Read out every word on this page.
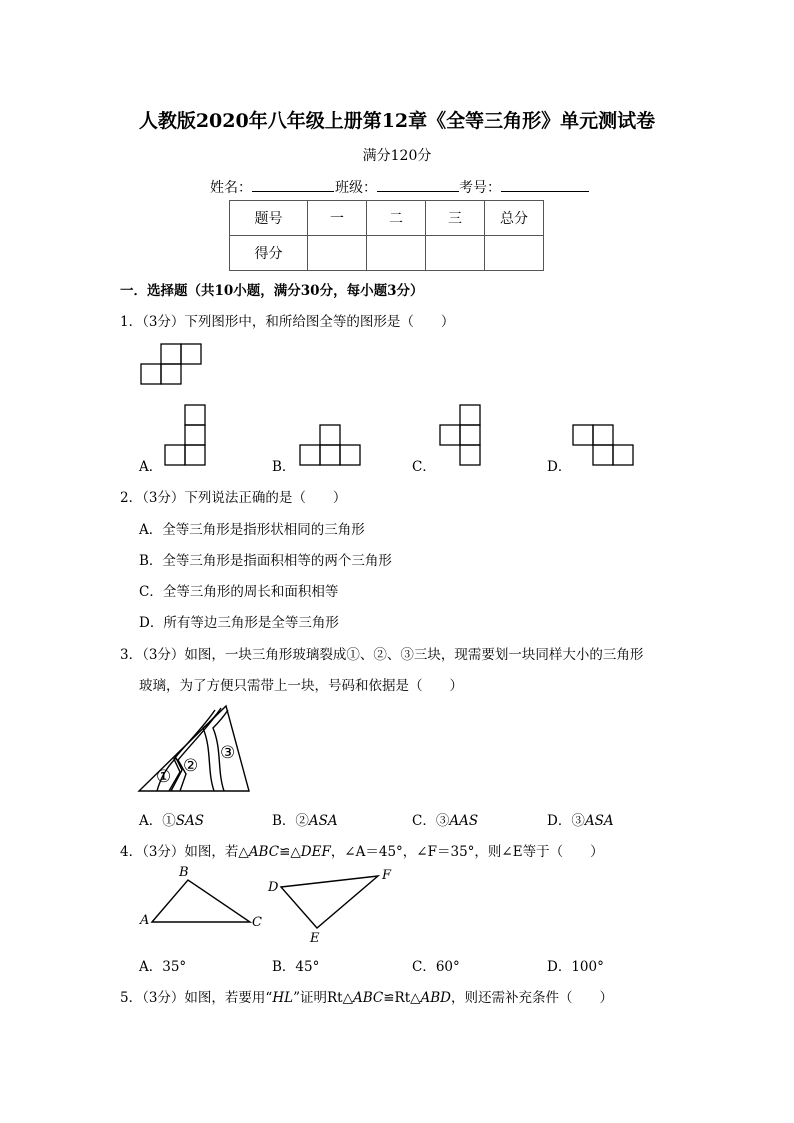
人教版2020年八年级上册第12章《全等三角形》单元测试卷
满分120分
姓名：	班级：	考号：
题号	一	二	三	总分
得分				
一．选择题（共10小题，满分30分，每小题3分）
1．（3分）下列图形中，和所给图全等的图形是（　　）
A．	B．	C．	D．
2．（3分）下列说法正确的是（　　）
A．全等三角形是指形状相同的三角形
B．全等三角形是指面积相等的两个三角形
C．全等三角形的周长和面积相等
D．所有等边三角形是全等三角形
3．（3分）如图，一块三角形玻璃裂成①、②、③三块，现需要划一块同样大小的三角形
玻璃，为了方便只需带上一块，号码和依据是（　　）
①
②
③
A．①SAS	B．②ASA	C．③AAS	D．③ASA
4．（3分）如图，若△ABC≌△DEF，∠A＝45°，∠F＝35°，则∠E等于（　　）
B
A	C
D
F
E
A．35°	B．45°	C．60°	D．100°
5．（3分）如图，若要用“HL”证明Rt△ABC≌Rt△ABD，则还需补充条件（　　）
